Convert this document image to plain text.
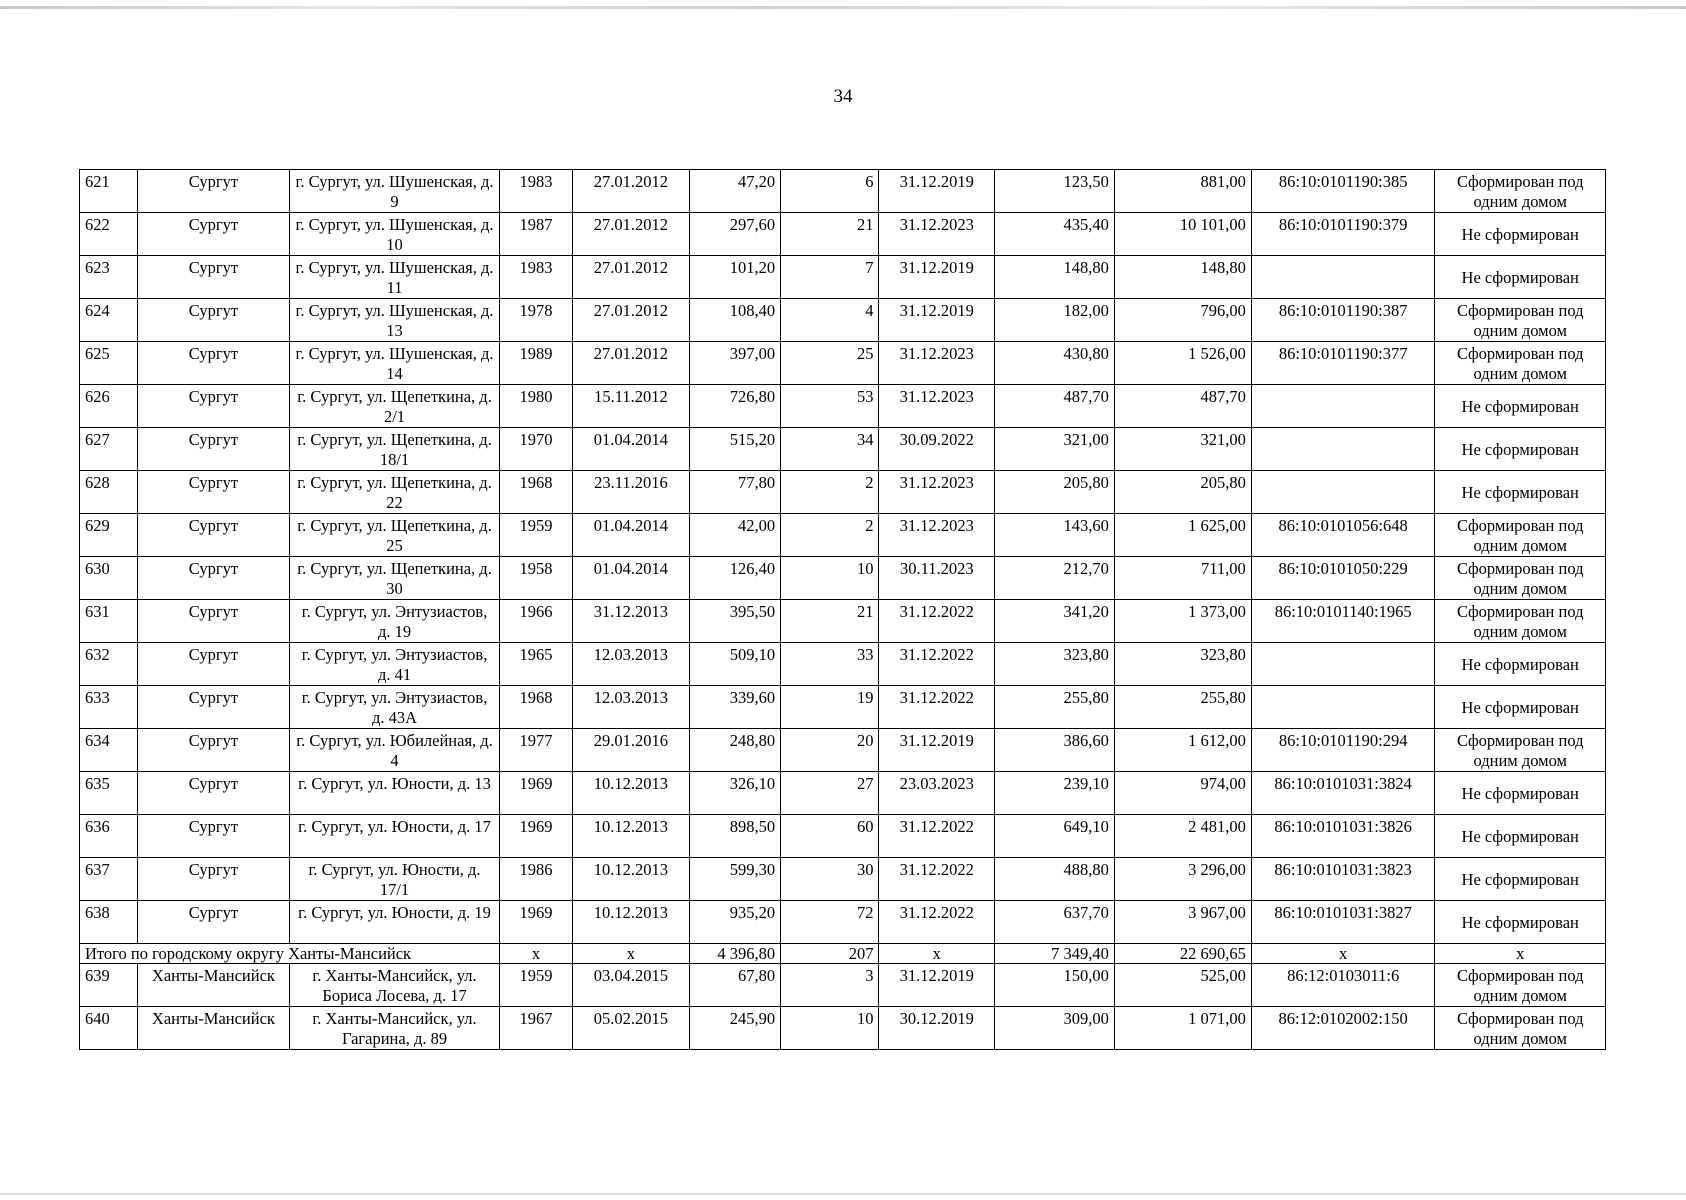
34
621	Сургут	г. Сургут, ул. Шушенская, д. 9	1983	27.01.2012	47,20	6	31.12.2019	123,50	881,00	86:10:0101190:385	Сформирован под одним домом
622	Сургут	г. Сургут, ул. Шушенская, д. 10	1987	27.01.2012	297,60	21	31.12.2023	435,40	10 101,00	86:10:0101190:379	Не сформирован
623	Сургут	г. Сургут, ул. Шушенская, д. 11	1983	27.01.2012	101,20	7	31.12.2019	148,80	148,80		Не сформирован
624	Сургут	г. Сургут, ул. Шушенская, д. 13	1978	27.01.2012	108,40	4	31.12.2019	182,00	796,00	86:10:0101190:387	Сформирован под одним домом
625	Сургут	г. Сургут, ул. Шушенская, д. 14	1989	27.01.2012	397,00	25	31.12.2023	430,80	1 526,00	86:10:0101190:377	Сформирован под одним домом
626	Сургут	г. Сургут, ул. Щепеткина, д. 2/1	1980	15.11.2012	726,80	53	31.12.2023	487,70	487,70		Не сформирован
627	Сургут	г. Сургут, ул. Щепеткина, д. 18/1	1970	01.04.2014	515,20	34	30.09.2022	321,00	321,00		Не сформирован
628	Сургут	г. Сургут, ул. Щепеткина, д. 22	1968	23.11.2016	77,80	2	31.12.2023	205,80	205,80		Не сформирован
629	Сургут	г. Сургут, ул. Щепеткина, д. 25	1959	01.04.2014	42,00	2	31.12.2023	143,60	1 625,00	86:10:0101056:648	Сформирован под одним домом
630	Сургут	г. Сургут, ул. Щепеткина, д. 30	1958	01.04.2014	126,40	10	30.11.2023	212,70	711,00	86:10:0101050:229	Сформирован под одним домом
631	Сургут	г. Сургут, ул. Энтузиастов, д. 19	1966	31.12.2013	395,50	21	31.12.2022	341,20	1 373,00	86:10:0101140:1965	Сформирован под одним домом
632	Сургут	г. Сургут, ул. Энтузиастов, д. 41	1965	12.03.2013	509,10	33	31.12.2022	323,80	323,80		Не сформирован
633	Сургут	г. Сургут, ул. Энтузиастов, д. 43А	1968	12.03.2013	339,60	19	31.12.2022	255,80	255,80		Не сформирован
634	Сургут	г. Сургут, ул. Юбилейная, д. 4	1977	29.01.2016	248,80	20	31.12.2019	386,60	1 612,00	86:10:0101190:294	Сформирован под одним домом
635	Сургут	г. Сургут, ул. Юности, д. 13	1969	10.12.2013	326,10	27	23.03.2023	239,10	974,00	86:10:0101031:3824	Не сформирован
636	Сургут	г. Сургут, ул. Юности, д. 17	1969	10.12.2013	898,50	60	31.12.2022	649,10	2 481,00	86:10:0101031:3826	Не сформирован
637	Сургут	г. Сургут, ул. Юности, д. 17/1	1986	10.12.2013	599,30	30	31.12.2022	488,80	3 296,00	86:10:0101031:3823	Не сформирован
638	Сургут	г. Сургут, ул. Юности, д. 19	1969	10.12.2013	935,20	72	31.12.2022	637,70	3 967,00	86:10:0101031:3827	Не сформирован
Итого по городскому округу Ханты-Мансийск			х	х	4 396,80	207	х	7 349,40	22 690,65	х	х
639	Ханты-Мансийск	г. Ханты-Мансийск, ул. Бориса Лосева, д. 17	1959	03.04.2015	67,80	3	31.12.2019	150,00	525,00	86:12:0103011:6	Сформирован под одним домом
640	Ханты-Мансийск	г. Ханты-Мансийск, ул. Гагарина, д. 89	1967	05.02.2015	245,90	10	30.12.2019	309,00	1 071,00	86:12:0102002:150	Сформирован под одним домом
